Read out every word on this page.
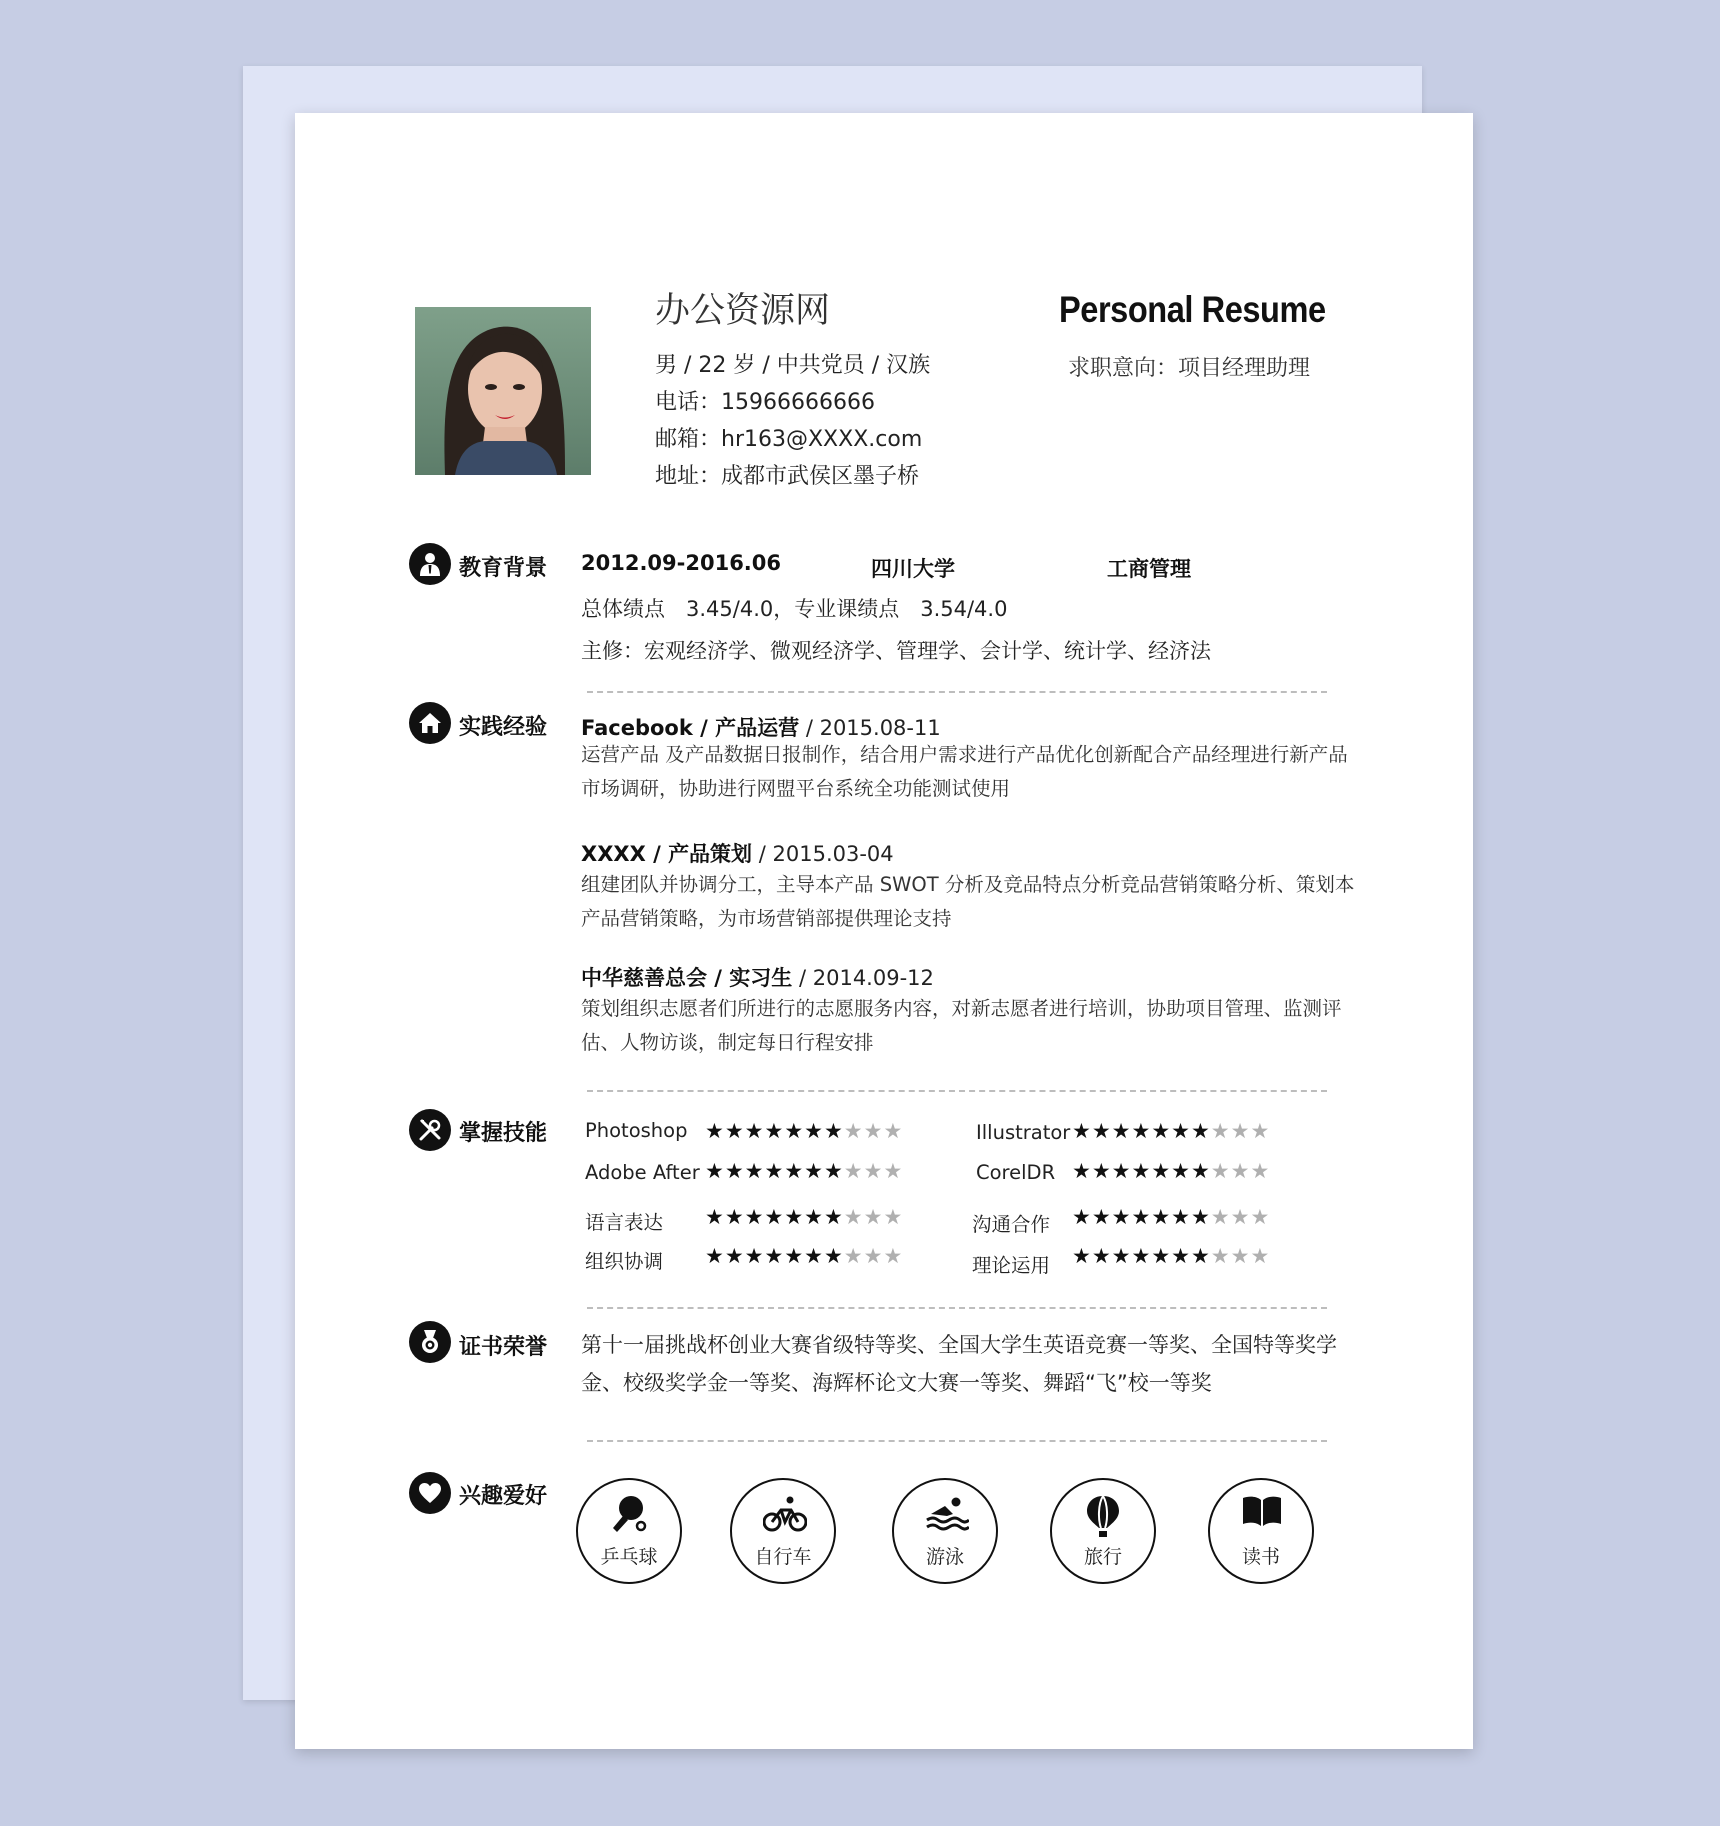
办公资源网
男 / 22 岁 / 中共党员 / 汉族
电话：15966666666
邮箱：hr163@XXXX.com
地址：成都市武侯区墨子桥
Personal Resume
求职意向：项目经理助理
教育背景 2012.09-2016.06	四川大学	工商管理
总体绩点　3.45/4.0，专业课绩点　3.54/4.0
主修：宏观经济学、微观经济学、管理学、会计学、统计学、经济法
实践经验 Facebook / 产品运营 / 2015.08-11
运营产品 及产品数据日报制作，结合用户需求进行产品优化创新配合产品经理进行新产品市场调研，协助进行网盟平台系统全功能测试使用
XXXX / 产品策划 / 2015.03-04
组建团队并协调分工，主导本产品 SWOT 分析及竞品特点分析竞品营销策略分析、策划本产品营销策略，为市场营销部提供理论支持
中华慈善总会 / 实习生 / 2014.09-12
策划组织志愿者们所进行的志愿服务内容，对新志愿者进行培训，协助项目管理、监测评估、人物访谈，制定每日行程安排
掌握技能 Photoshop ★★★★★★★★★★	Illustrator ★★★★★★★★★★
Adobe After ★★★★★★★★★★	CorelDR ★★★★★★★★★★
语言表达 ★★★★★★★★★★	沟通合作 ★★★★★★★★★★
组织协调 ★★★★★★★★★★	理论运用 ★★★★★★★★★★
证书荣誉 第十一届挑战杯创业大赛省级特等奖、全国大学生英语竞赛一等奖、全国特等奖学金、校级奖学金一等奖、海辉杯论文大赛一等奖、舞蹈“飞”校一等奖
兴趣爱好
乒乓球	自行车	游泳	旅行	读书
